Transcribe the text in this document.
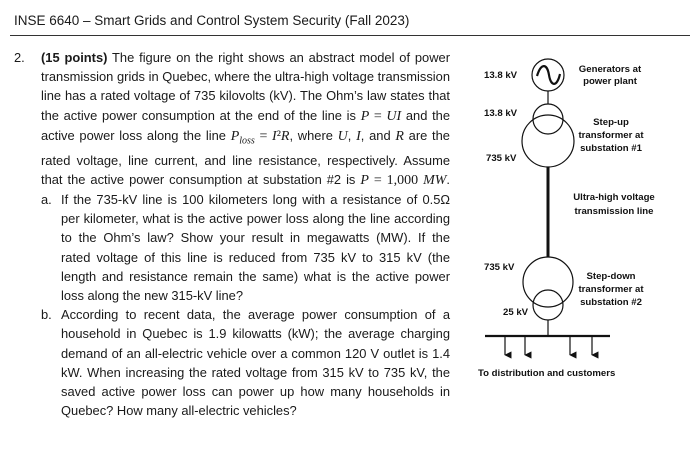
INSE 6640 – Smart Grids and Control System Security (Fall 2023)
2. (15 points) The figure on the right shows an abstract model of power
transmission grids in Quebec, where the ultra-high voltage transmission
line has a rated voltage of 735 kilovolts (kV). The Ohm’s law states that
the active power consumption at the end of the line is P = UI and the
active power loss along the line $P_{loss} = I^2R$, where U, I, and R are the
rated voltage, line current, and line resistance, respectively. Assume
that the active power consumption at substation #2 is P = 1,000 MW.
a. If the 735-kV line is 100 kilometers long with a resistance of 0.5Ω
per kilometer, what is the active power loss along the line according
to the Ohm’s law? Show your result in megawatts (MW). If the
rated voltage of this line is reduced from 735 kV to 315 kV (the
length and resistance remain the same) what is the active power
loss along the new 315-kV line?
b. According to recent data, the average power consumption of a
household in Quebec is 1.9 kilowatts (kW); the average charging
demand of an all-electric vehicle over a common 120 V outlet is 1.4
kW. When increasing the rated voltage from 315 kV to 735 kV, the
saved active power loss can power up how many households in
Quebec? How many all-electric vehicles?
13.8 kV
13.8 kV
735 kV
735 kV
25 kV
Generators at
power plant
Step-up
transformer at
substation #1
Ultra-high voltage
transmission line
Step-down
transformer at
substation #2
To distribution and customers
